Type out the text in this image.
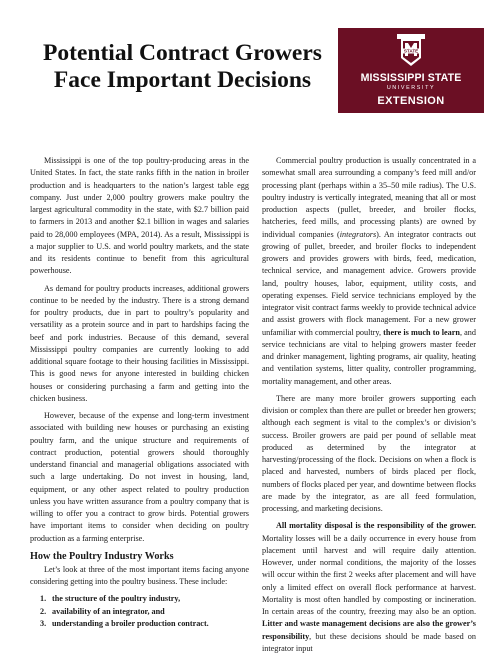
Potential Contract Growers
Face Important Decisions
STATE
MISSISSIPPI STATE
UNIVERSITY
EXTENSION

Mississippi is one of the top poultry-producing areas in the United States. In fact, the state ranks fifth in the nation in broiler production and is headquarters to the nation’s largest table egg company. Just under 2,000 poultry growers make poultry the largest agricultural commodity in the state, with $2.7 billion paid to farmers in 2013 and another $2.1 billion in wages and salaries paid to 28,000 employees (MPA, 2014). As a result, Mississippi is a major supplier to U.S. and world poultry markets, and the state and its residents continue to benefit from this agricultural powerhouse.

As demand for poultry products increases, additional growers continue to be needed by the industry. There is a strong demand for poultry products, due in part to poultry’s popularity and versatility as a protein source and in part to hardships facing the beef and pork industries. Because of this demand, several Mississippi poultry companies are currently looking to add additional square footage to their housing facilities in Mississippi. This is good news for anyone interested in building chicken houses or considering purchasing a farm and getting into the chicken business.

However, because of the expense and long-term investment associated with building new houses or purchasing an existing poultry farm, and the unique structure and requirements of contract production, potential growers should thoroughly understand financial and managerial obligations associated with such a large undertaking. Do not invest in housing, land, equipment, or any other aspect related to poultry production unless you have written assurance from a poultry company that is willing to offer you a contract to grow birds. Potential growers have important items to consider when deciding on poultry production as a farming enterprise.

How the Poultry Industry Works

Let’s look at three of the most important items facing anyone considering getting into the poultry business. These include:

1. the structure of the poultry industry,
2. availability of an integrator, and
3. understanding a broiler production contract.

Commercial poultry production is usually concentrated in a somewhat small area surrounding a company’s feed mill and/or processing plant (perhaps within a 35–50 mile radius). The U.S. poultry industry is vertically integrated, meaning that all or most production aspects (pullet, breeder, and broiler flocks, hatcheries, feed mills, and processing plants) are owned by individual companies (integrators). An integrator contracts out growing of pullet, breeder, and broiler flocks to independent growers and provides growers with birds, feed, medication, technical service, and management advice. Growers provide land, poultry houses, labor, equipment, utility costs, and operating expenses. Field service technicians employed by the integrator visit contract farms weekly to provide technical advice and assist growers with flock management. For a new grower unfamiliar with commercial poultry, there is much to learn, and service technicians are vital to helping growers master feeder and drinker management, lighting programs, air quality, heating and ventilation systems, litter quality, controller programming, mortality management, and other areas.

There are many more broiler growers supporting each division or complex than there are pullet or breeder hen growers; although each segment is vital to the complex’s or division’s success. Broiler growers are paid per pound of sellable meat produced as determined by the integrator at harvesting/processing of the flock. Decisions on when a flock is placed and harvested, numbers of birds placed per flock, numbers of flocks placed per year, and downtime between flocks are made by the integrator, as are all feed formulation, processing, and marketing decisions.

All mortality disposal is the responsibility of the grower. Mortality losses will be a daily occurrence in every house from placement until harvest and will require daily attention. However, under normal conditions, the majority of the losses will occur within the first 2 weeks after placement and will have only a limited effect on overall flock performance at harvest. Mortality is most often handled by composting or incineration. In certain areas of the country, freezing may also be an option. Litter and waste management decisions are also the grower’s responsibility, but these decisions should be made based on integrator input
